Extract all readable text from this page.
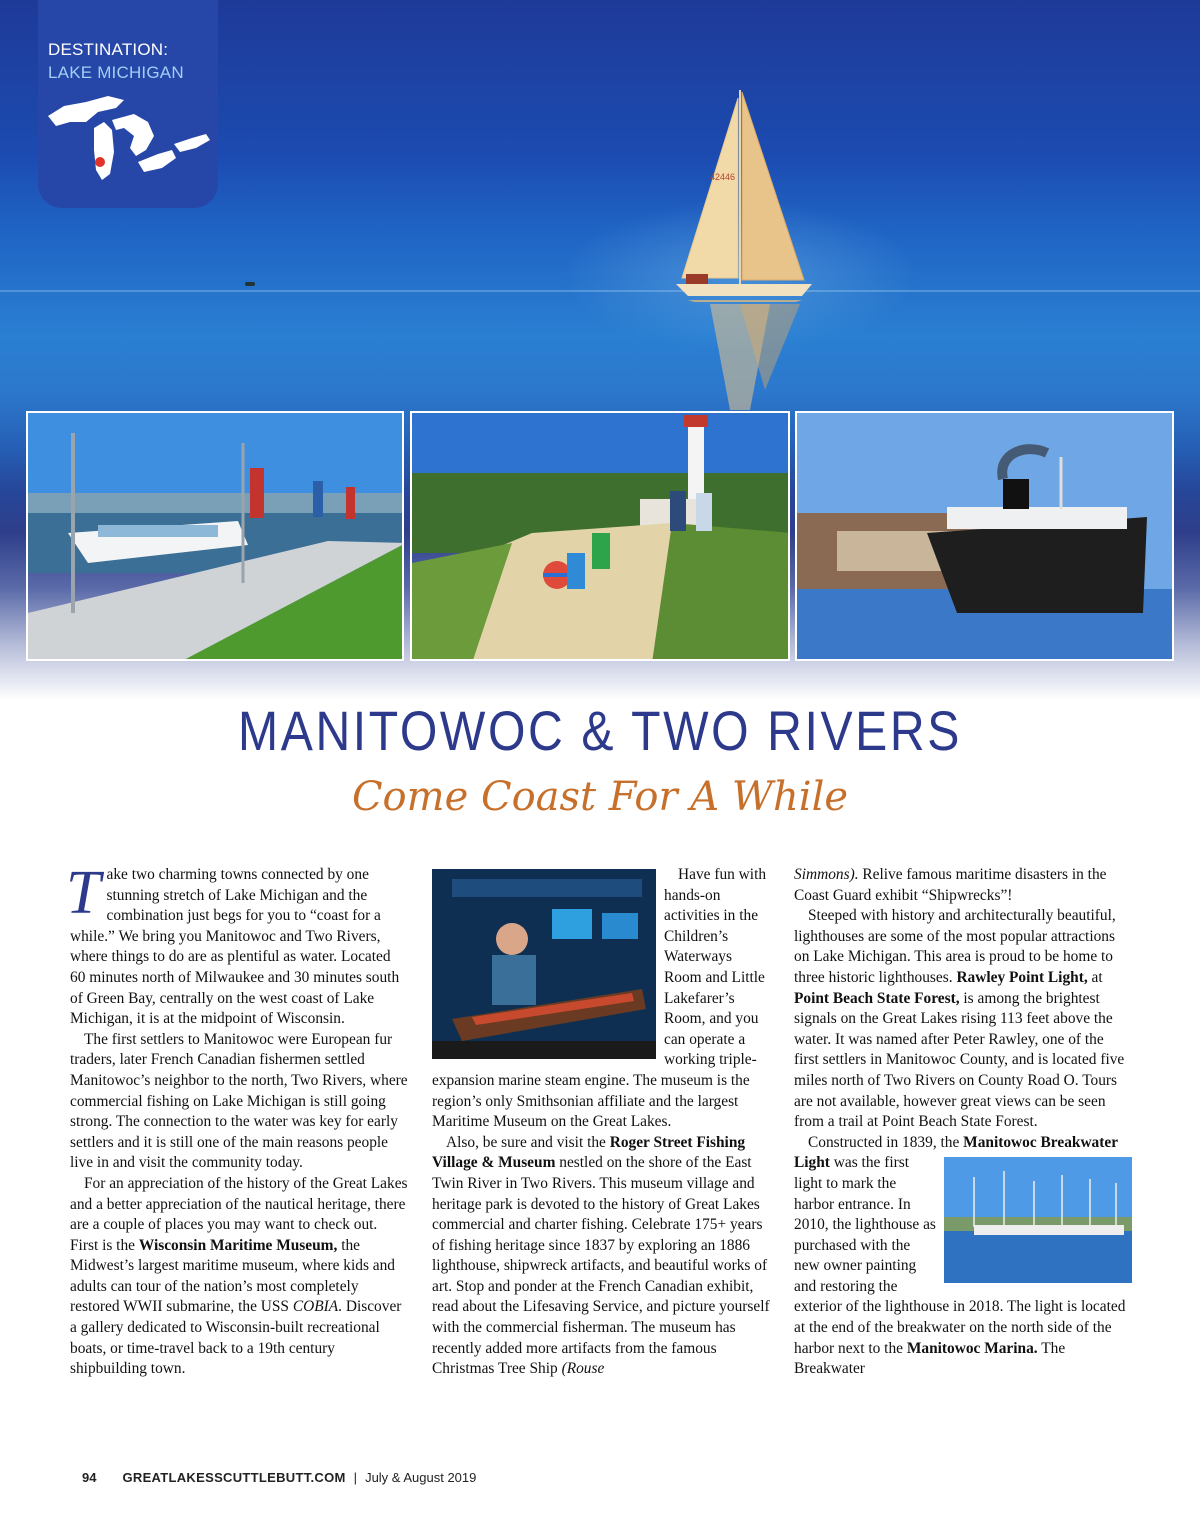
42446
DESTINATION:
LAKE MICHIGAN
MANITOWOC & TWO RIVERS
Come Coast For A While

Take two charming towns connected by one stunning stretch of Lake Michigan and the combination just begs for you to “coast for a while.” We bring you Manitowoc and Two Rivers, where things to do are as plentiful as water. Located 60 minutes north of Milwaukee and 30 minutes south of Green Bay, centrally on the west coast of Lake Michigan, it is at the midpoint of Wisconsin.

The first settlers to Manitowoc were European fur traders, later French Canadian fishermen settled Manitowoc’s neighbor to the north, Two Rivers, where commercial fishing on Lake Michigan is still going strong. The connection to the water was key for early settlers and it is still one of the main reasons people live in and visit the community today.

For an appreciation of the history of the Great Lakes and a better appreciation of the nautical heritage, there are a couple of places you may want to check out. First is the Wisconsin Maritime Museum, the Midwest’s largest maritime museum, where kids and adults can tour of the nation’s most completely restored WWII submarine, the USS COBIA. Discover a gallery dedicated to Wisconsin-built recreational boats, or time-travel back to a 19th century shipbuilding town.

Have fun with hands-on activities in the Children’s Waterways Room and Little Lakefarer’s Room, and you can operate a working triple-expansion marine steam engine. The museum is the region’s only Smithsonian affiliate and the largest Maritime Museum on the Great Lakes.

Also, be sure and visit the Roger Street Fishing Village & Museum nestled on the shore of the East Twin River in Two Rivers. This museum village and heritage park is devoted to the history of Great Lakes commercial and charter fishing. Celebrate 175+ years of fishing heritage since 1837 by exploring an 1886 lighthouse, shipwreck artifacts, and beautiful works of art. Stop and ponder at the French Canadian exhibit, read about the Lifesaving Service, and picture yourself with the commercial fisherman. The museum has recently added more artifacts from the famous Christmas Tree Ship (Rouse

Simmons). Relive famous maritime disasters in the Coast Guard exhibit “Shipwrecks”!

Steeped with history and architecturally beautiful, lighthouses are some of the most popular attractions on Lake Michigan. This area is proud to be home to three historic lighthouses. Rawley Point Light, at Point Beach State Forest, is among the brightest signals on the Great Lakes rising 113 feet above the water. It was named after Peter Rawley, one of the first settlers in Manitowoc County, and is located five miles north of Two Rivers on County Road O. Tours are not available, however great views can be seen from a trail at Point Beach State Forest.

Constructed in 1839, the Manitowoc Breakwater Light
was the first light to mark the harbor entrance. In 2010, the lighthouse as purchased with the new owner painting and restoring the exterior of the lighthouse in 2018. The light is located at the end of the breakwater on the north side of the harbor next to the Manitowoc Marina. The Breakwater

94 GREATLAKESSCUTTLEBUTT.COM | July & August 2019
